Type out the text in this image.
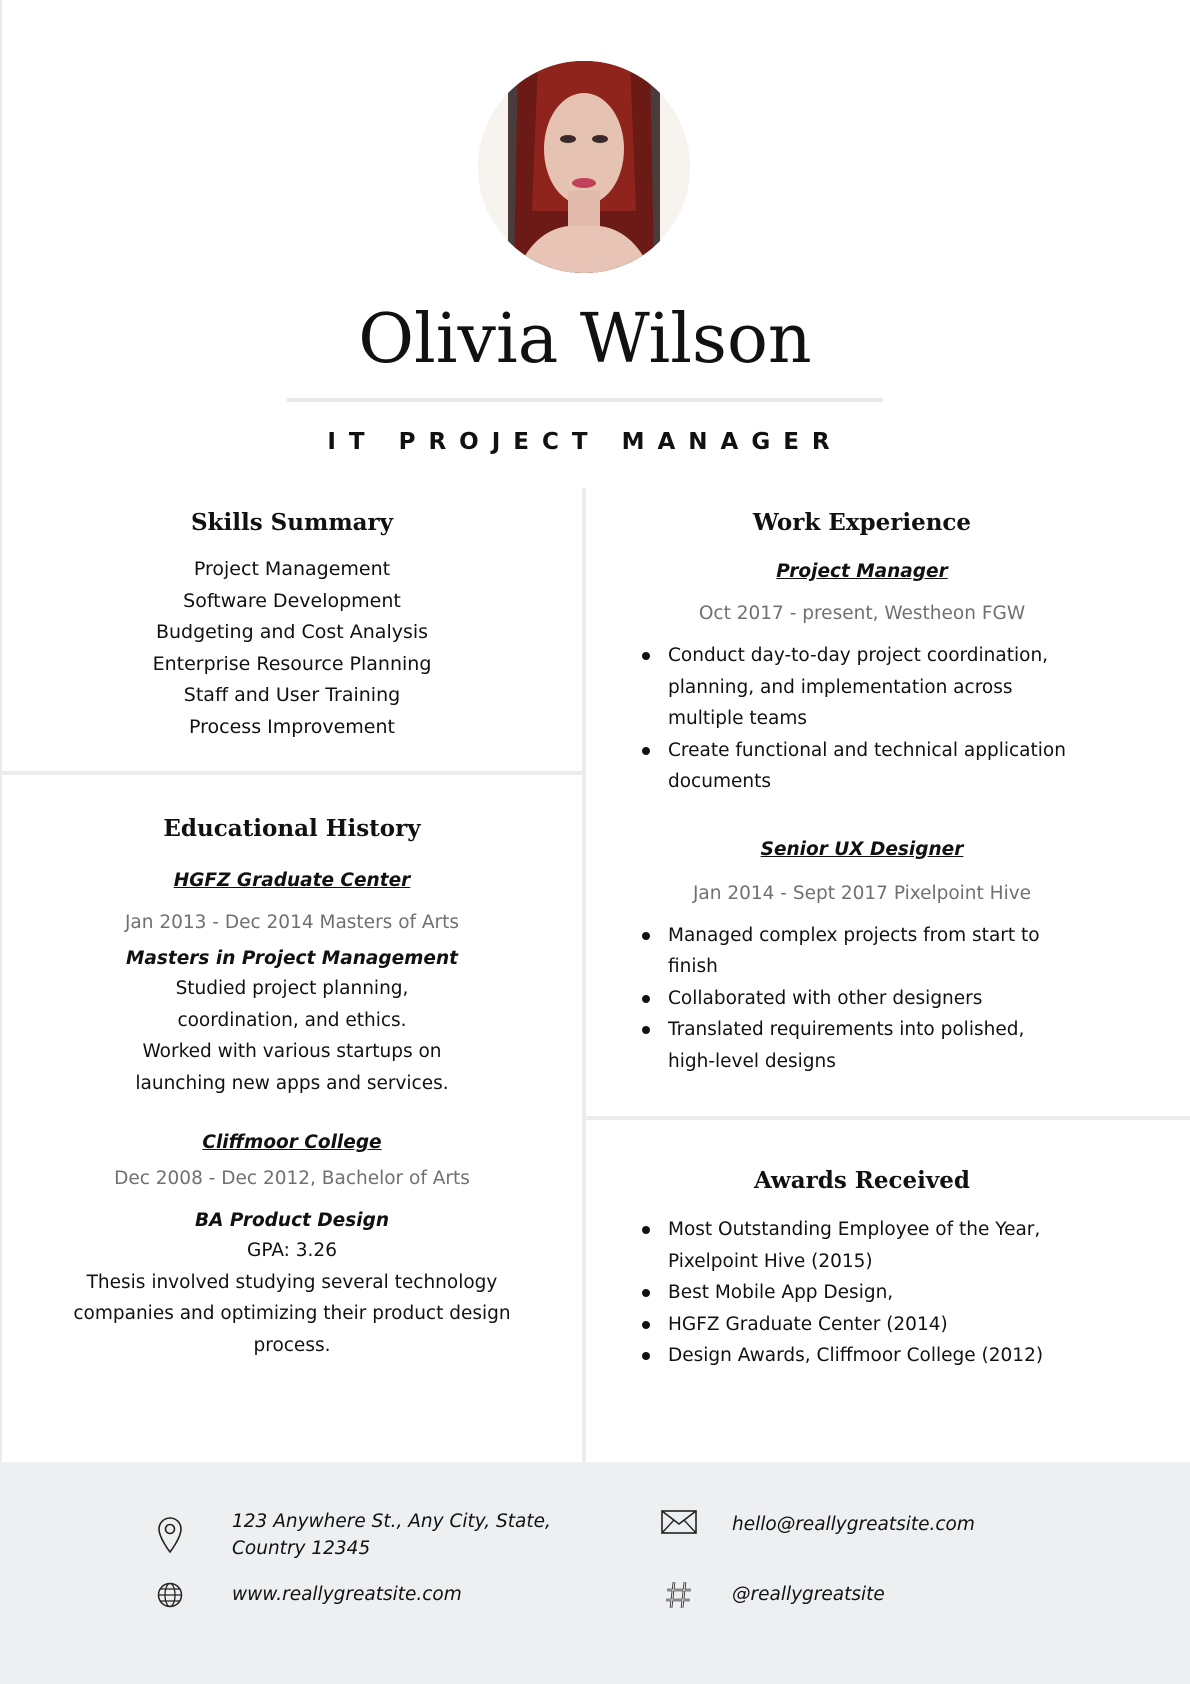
Olivia Wilson
IT PROJECT MANAGER
Skills Summary
Project Management
Software Development
Budgeting and Cost Analysis
Enterprise Resource Planning
Staff and User Training
Process Improvement
Educational History
HGFZ Graduate Center
Jan 2013 - Dec 2014 Masters of Arts
Masters in Project Management
Studied project planning,
coordination, and ethics.
Worked with various startups on
launching new apps and services.
Cliffmoor College
Dec 2008 - Dec 2012, Bachelor of Arts
BA Product Design
GPA: 3.26
Thesis involved studying several technology
companies and optimizing their product design
process.
Work Experience
Project Manager
Oct 2017 - present, Westheon FGW
Conduct day-to-day project coordination, planning, and implementation across multiple teams
Create functional and technical application documents
Senior UX Designer
Jan 2014 - Sept 2017 Pixelpoint Hive
Managed complex projects from start to finish
Collaborated with other designers
Translated requirements into polished, high-level designs
Awards Received
Most Outstanding Employee of the Year, Pixelpoint Hive (2015)
Best Mobile App Design,
HGFZ Graduate Center (2014)
Design Awards, Cliffmoor College (2012)
123 Anywhere St., Any City, State,
Country 12345
www.reallygreatsite.com
hello@reallygreatsite.com
@reallygreatsite
